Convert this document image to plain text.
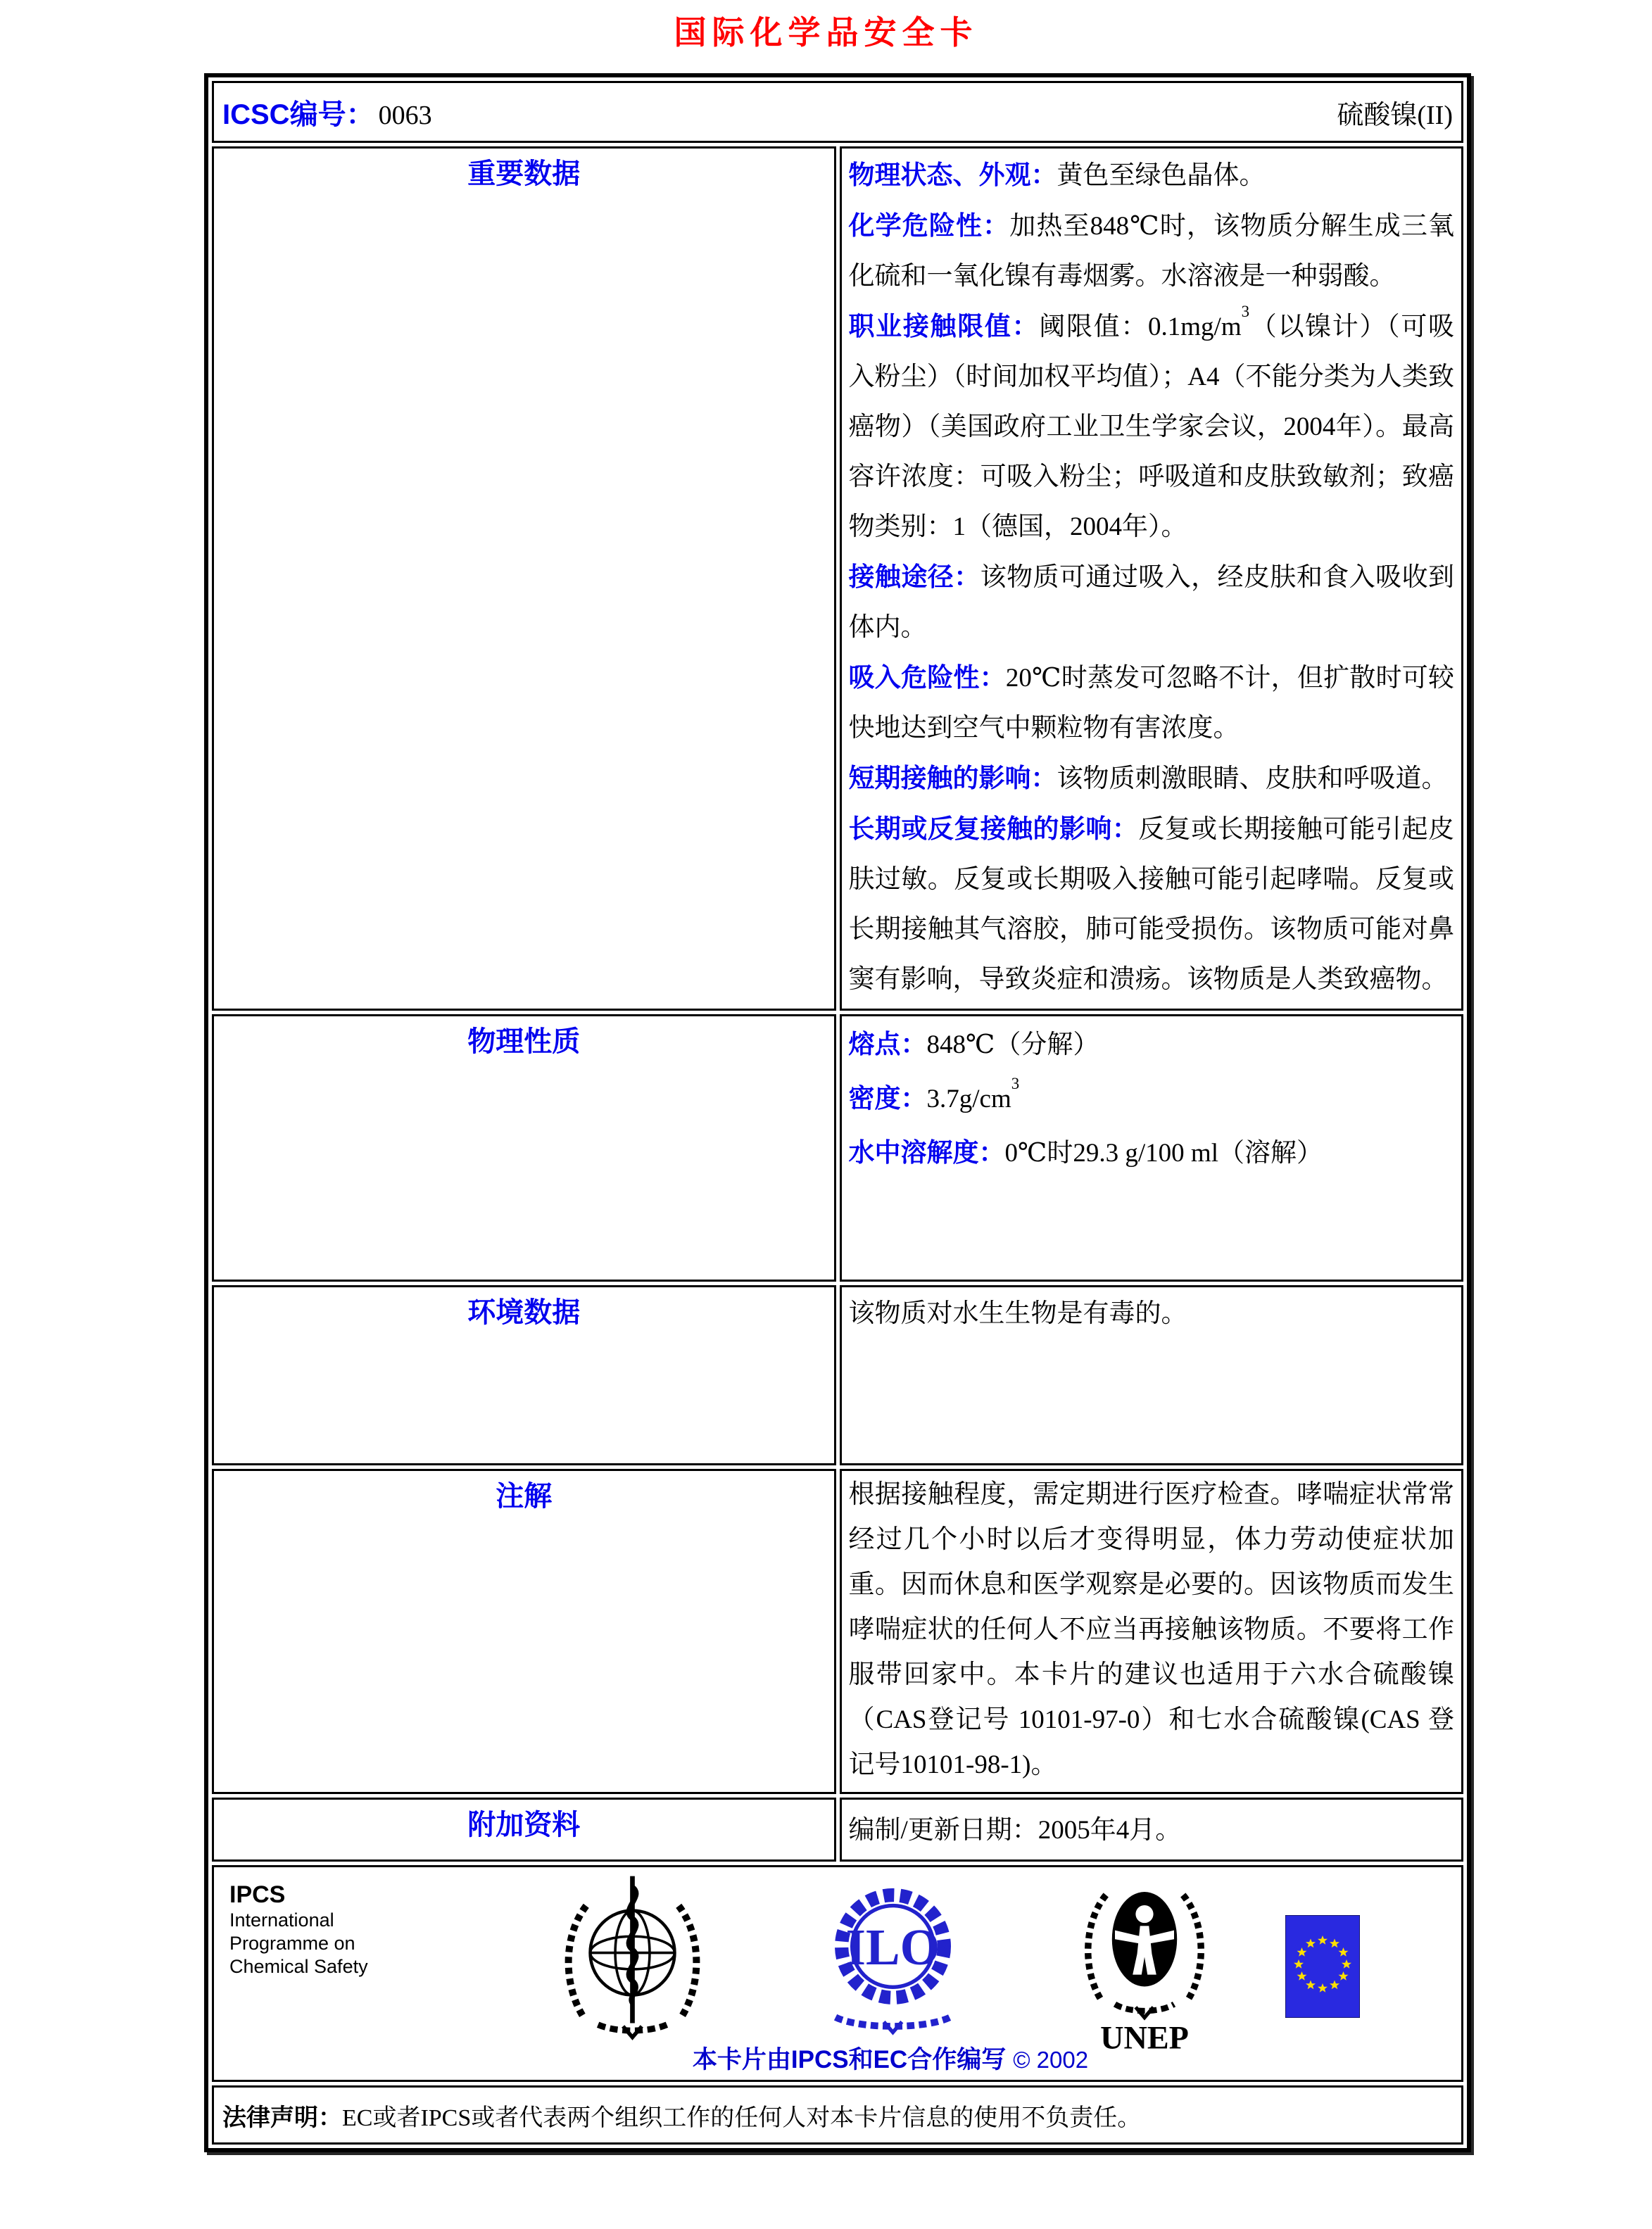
国际化学品安全卡
ICSC编号： 0063 硫酸镍(II)	

重要数据	物理状态、外观：黄色至绿色晶体。
化学危险性：加热至848℃时，该物质分解生成三氧化硫和一氧化镍有毒烟雾。水溶液是一种弱酸。
职业接触限值：阈限值：$0.1mg/m^3$（以镍计）（可吸入粉尘）（时间加权平均值）；A4（不能分类为人类致癌物）（美国政府工业卫生学家会议，2004年）。最高容许浓度：可吸入粉尘；呼吸道和皮肤致敏剂；致癌物类别：1（德国，2004年）。
接触途径：该物质可通过吸入，经皮肤和食入吸收到体内。
吸入危险性：20℃时蒸发可忽略不计，但扩散时可较快地达到空气中颗粒物有害浓度。
短期接触的影响：该物质刺激眼睛、皮肤和呼吸道。
长期或反复接触的影响：反复或长期接触可能引起皮肤过敏。反复或长期吸入接触可能引起哮喘。反复或长期接触其气溶胶，肺可能受损伤。该物质可能对鼻窦有影响，导致炎症和溃疡。该物质是人类致癌物。

物理性质	熔点：848℃（分解）
密度：$3.7g/cm^3$
水中溶解度：0℃时29.3 g/100 ml（溶解）

环境数据	该物质对水生生物是有毒的。

注解	根据接触程度，需定期进行医疗检查。哮喘症状常常经过几个小时以后才变得明显，体力劳动使症状加重。因而休息和医学观察是必要的。因该物质而发生哮喘症状的任何人不应当再接触该物质。不要将工作服带回家中。本卡片的建议也适用于六水合硫酸镍（CAS登记号 10101-97-0）和七水合硫酸镍(CAS 登记号10101-98-1)。

附加资料	编制/更新日期：2005年4月。

IPCS
International
Programme on
Chemical Safety	ILO
UNEP
本卡片由IPCS和EC合作编写 © 2002

法律声明： EC或者IPCS或者代表两个组织工作的任何人对本卡片信息的使用不负责任。	
